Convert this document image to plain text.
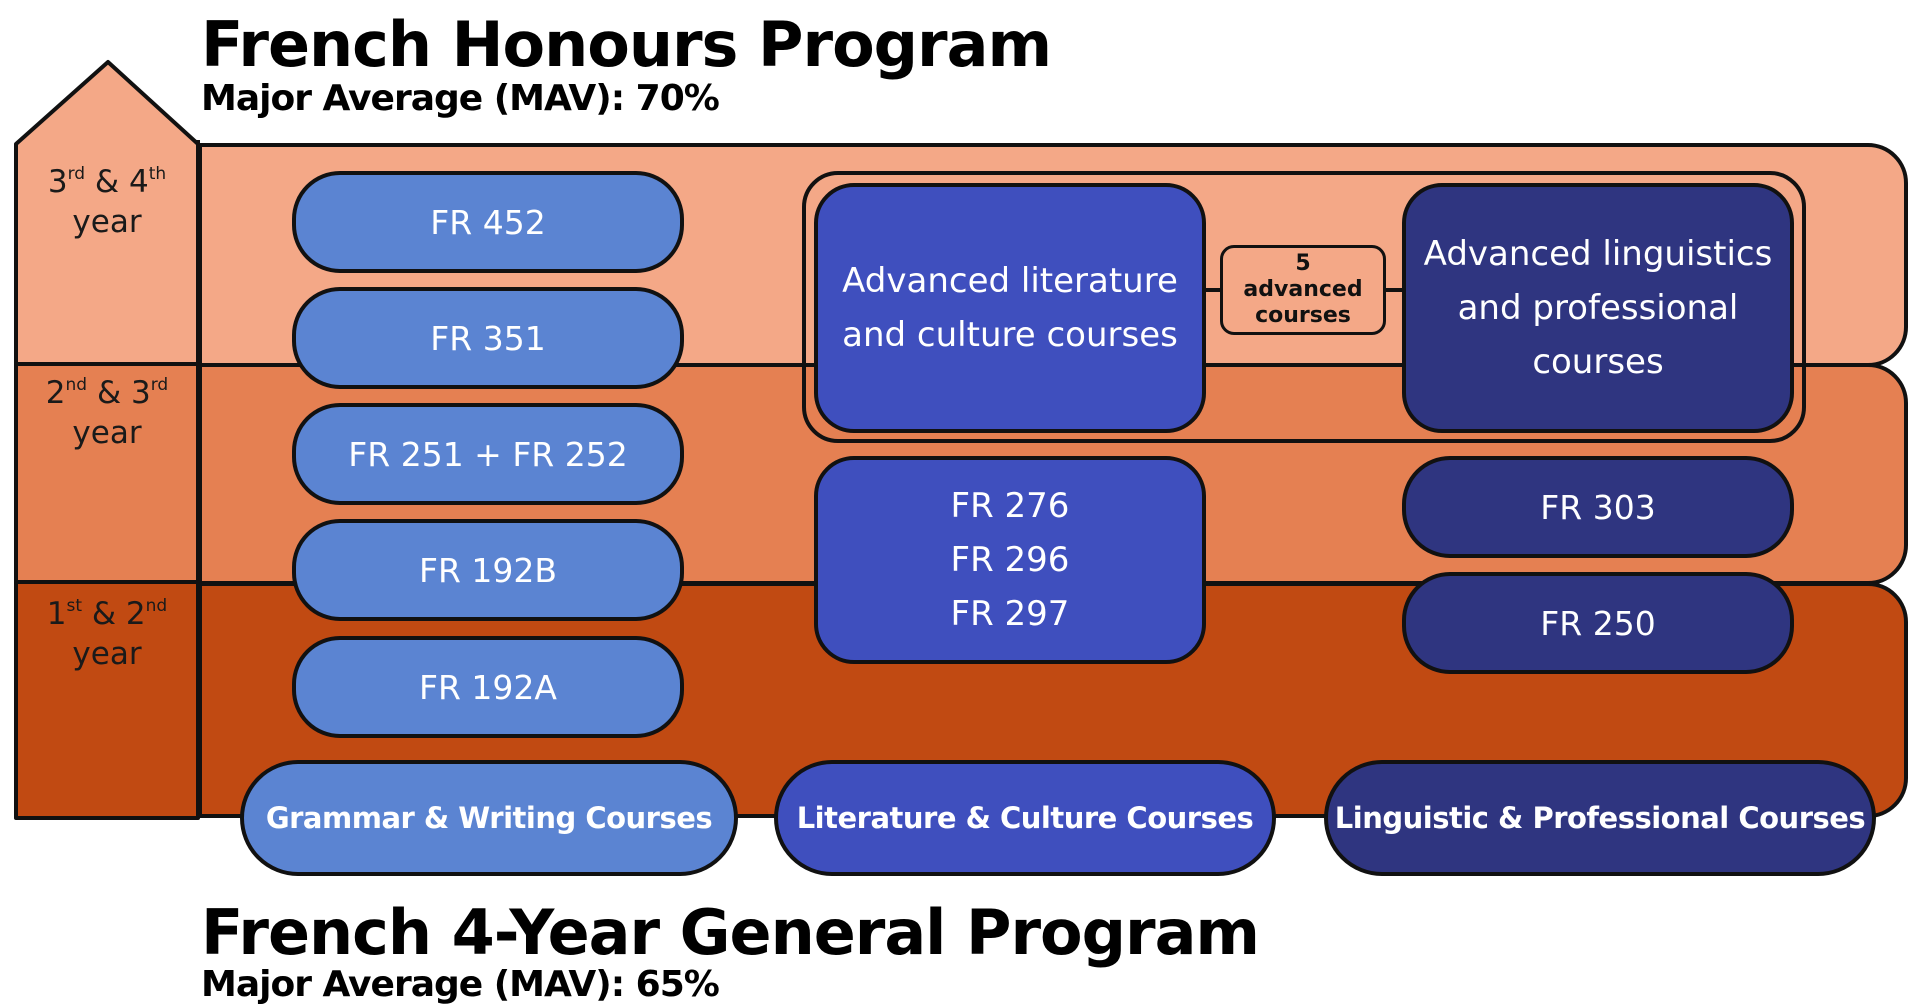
French Honours Program
Major Average (MAV): 70%
French 4-Year General Program
Major Average (MAV): 65%
3rd & 4th
year
2nd & 3rd
year
1st & 2nd
year
FR 452
FR 351
FR 251 + FR 252
FR 192B
FR 192A
Advanced literature
and culture courses
5
advanced
courses
Advanced linguistics
and professional
courses
FR 276
FR 296
FR 297
FR 303
FR 250
Grammar & Writing Courses	Literature & Culture Courses	Linguistic & Professional Courses
